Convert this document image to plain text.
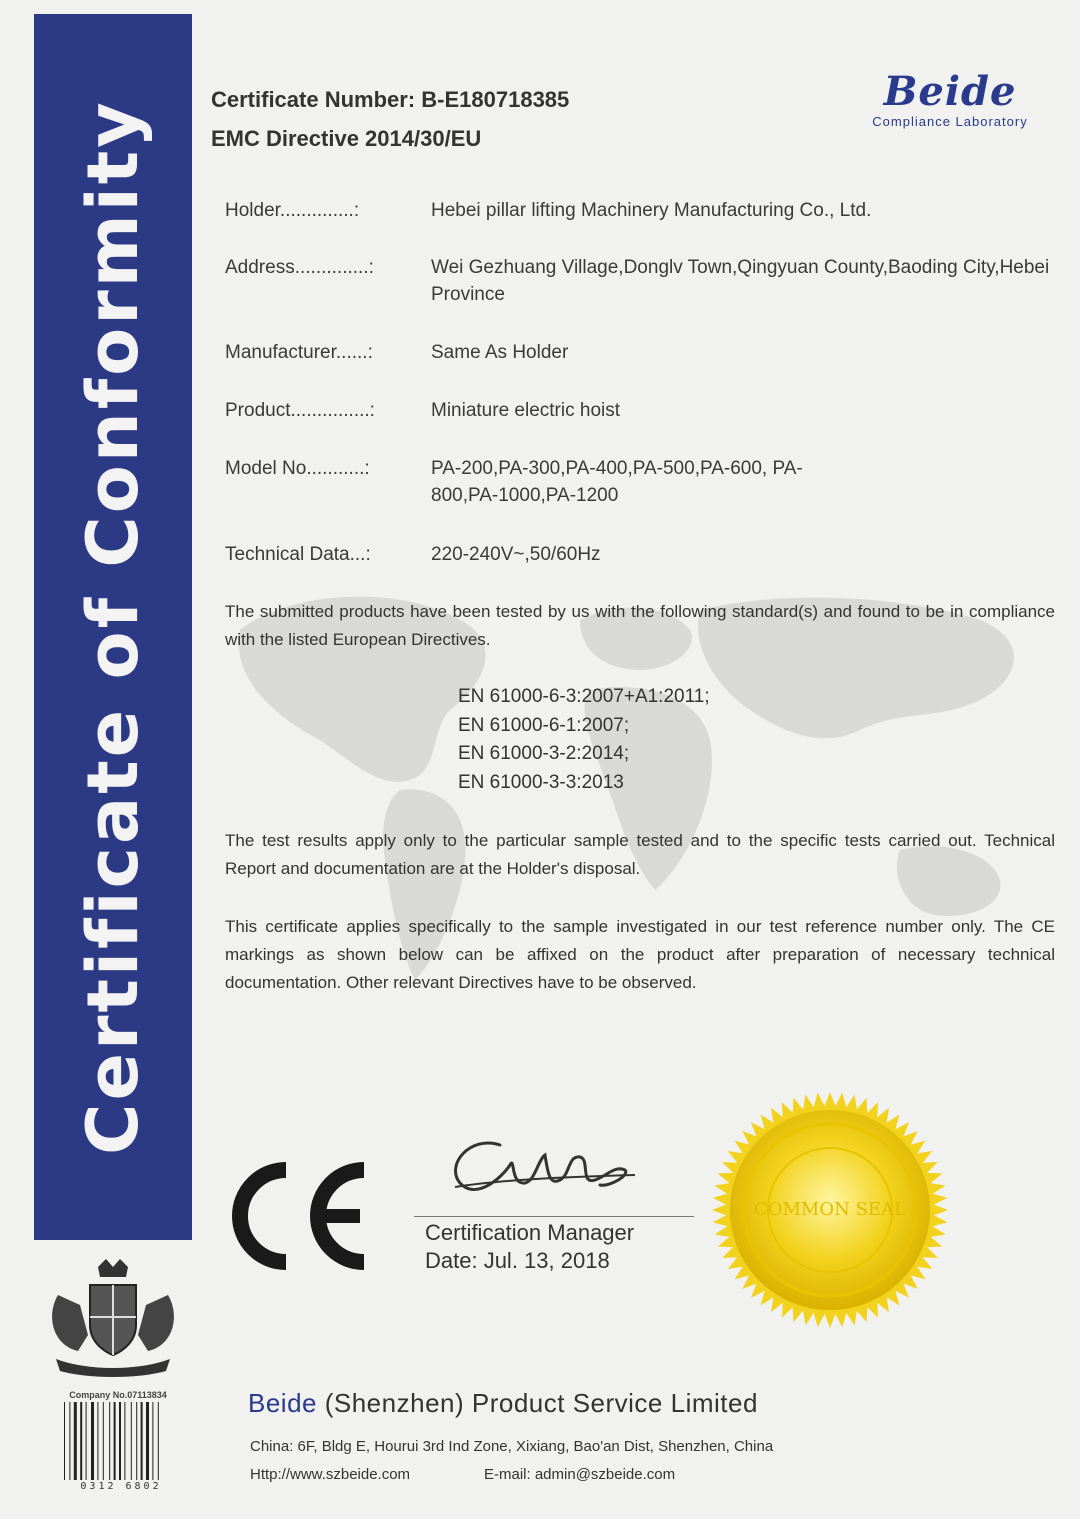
Certificate of Conformity	Certificate Number: B-E180718385
EMC Directive 2014/30/EU
Beide
Compliance Laboratory
Holder..............:	Hebei pillar lifting Machinery Manufacturing Co., Ltd.
Address..............:	Wei Gezhuang Village,Donglv Town,Qingyuan County,Baoding City,Hebei Province
Manufacturer......:	Same As Holder
Product...............:	Miniature electric hoist
Model No...........:	PA-200,PA-300,PA-400,PA-500,PA-600, PA-800,PA-1000,PA-1200
Technical Data...:	220-240V~,50/60Hz
The submitted products have been tested by us with the following standard(s) and found to be in compliance with the listed European Directives.
EN 61000-6-3:2007+A1:2011;
EN 61000-6-1:2007;
EN 61000-3-2:2014;
EN 61000-3-3:2013
The test results apply only to the particular sample tested and to the specific tests carried out. Technical Report and documentation are at the Holder's disposal.
This certificate applies specifically to the sample investigated in our test reference number only. The CE markings as shown below can be affixed on the product after preparation of necessary technical documentation. Other relevant Directives have to be observed.
Certification Manager
Date: Jul. 13, 2018
COMMON SEAL
Company No.07113834
0312 6802
Beide (Shenzhen) Product Service Limited
China: 6F, Bldg E, Hourui 3rd Ind Zone, Xixiang, Bao'an Dist, Shenzhen, China
Http://www.szbeide.com	E-mail: admin@szbeide.com
